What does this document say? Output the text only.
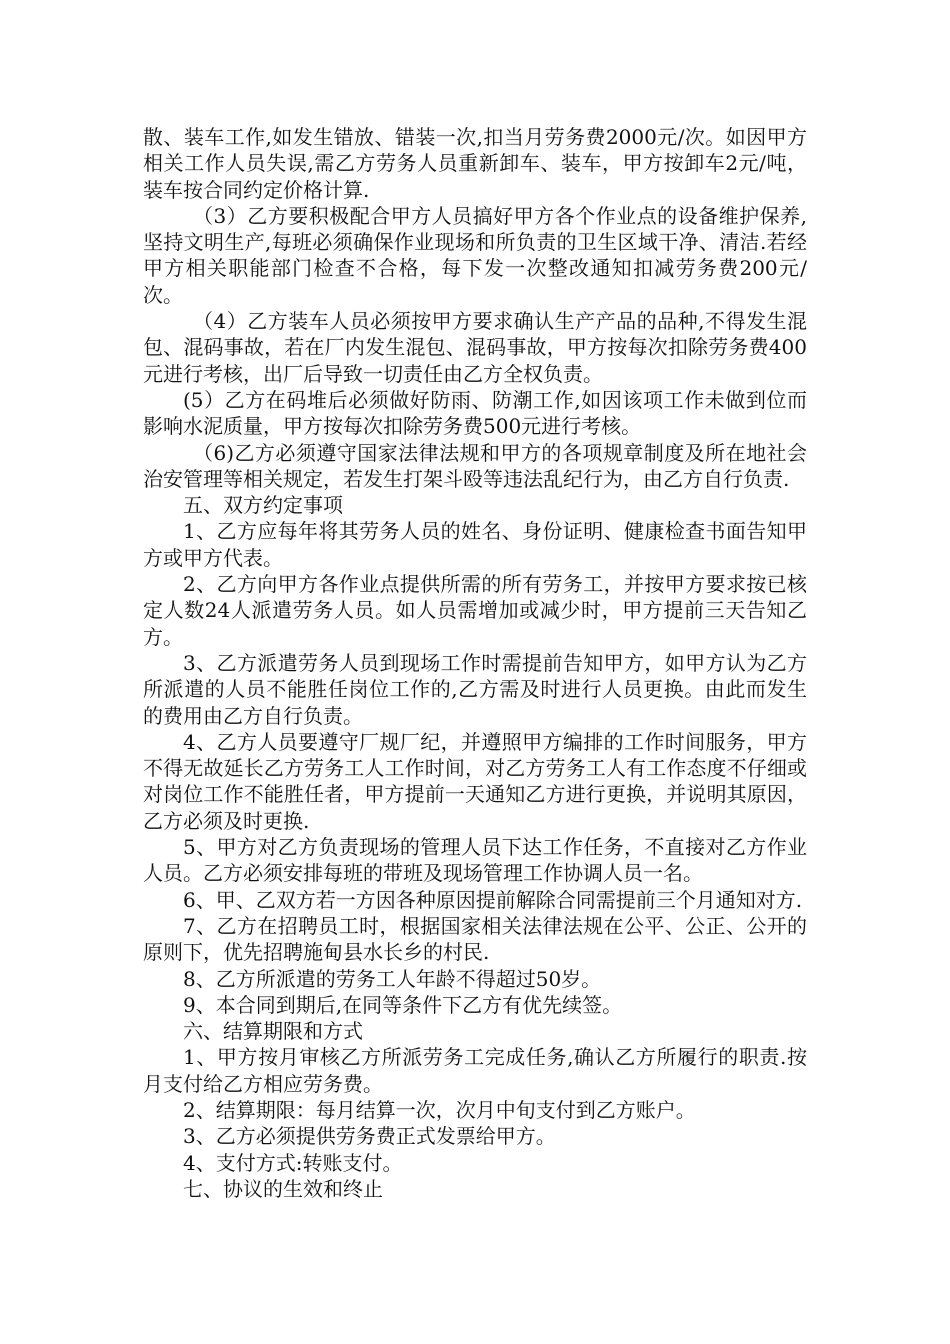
散、装车工作,如发生错放、错装一次,扣当月劳务费2000元/次。如因甲方相关工作人员失误,需乙方劳务人员重新卸车、装车，甲方按卸车2元/吨，装车按合同约定价格计算.

（3）乙方要积极配合甲方人员搞好甲方各个作业点的设备维护保养,坚持文明生产,每班必须确保作业现场和所负责的卫生区域干净、清洁.若经甲方相关职能部门检查不合格，每下发一次整改通知扣减劳务费200元/次。

（4）乙方装车人员必须按甲方要求确认生产产品的品种,不得发生混包、混码事故，若在厂内发生混包、混码事故，甲方按每次扣除劳务费400元进行考核，出厂后导致一切责任由乙方全权负责。

(5）乙方在码堆后必须做好防雨、防潮工作,如因该项工作未做到位而影响水泥质量，甲方按每次扣除劳务费500元进行考核。

（6)乙方必须遵守国家法律法规和甲方的各项规章制度及所在地社会治安管理等相关规定，若发生打架斗殴等违法乱纪行为，由乙方自行负责.

五、双方约定事项

1、乙方应每年将其劳务人员的姓名、身份证明、健康检查书面告知甲方或甲方代表。

2、乙方向甲方各作业点提供所需的所有劳务工，并按甲方要求按已核定人数24人派遣劳务人员。如人员需增加或减少时，甲方提前三天告知乙方。

3、乙方派遣劳务人员到现场工作时需提前告知甲方，如甲方认为乙方所派遣的人员不能胜任岗位工作的,乙方需及时进行人员更换。由此而发生的费用由乙方自行负责。

4、乙方人员要遵守厂规厂纪，并遵照甲方编排的工作时间服务，甲方不得无故延长乙方劳务工人工作时间，对乙方劳务工人有工作态度不仔细或对岗位工作不能胜任者，甲方提前一天通知乙方进行更换，并说明其原因，乙方必须及时更换.

5、甲方对乙方负责现场的管理人员下达工作任务，不直接对乙方作业人员。乙方必须安排每班的带班及现场管理工作协调人员一名。

6、甲、乙双方若一方因各种原因提前解除合同需提前三个月通知对方.

7、乙方在招聘员工时，根据国家相关法律法规在公平、公正、公开的原则下，优先招聘施甸县水长乡的村民.

8、乙方所派遣的劳务工人年龄不得超过50岁。

9、本合同到期后,在同等条件下乙方有优先续签。

六、结算期限和方式

1、甲方按月审核乙方所派劳务工完成任务,确认乙方所履行的职责.按月支付给乙方相应劳务费。

2、结算期限：每月结算一次，次月中旬支付到乙方账户。

3、乙方必须提供劳务费正式发票给甲方。

4、支付方式:转账支付。

七、协议的生效和终止
